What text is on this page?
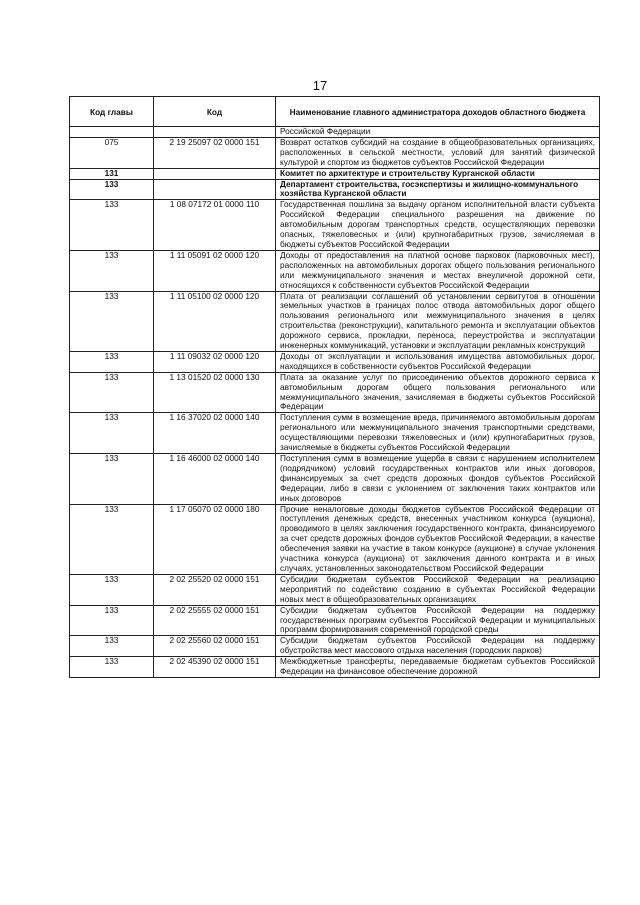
17
Код главы	Код	Наименование главного администратора доходов областного бюджета
		Российской Федерации
075	2 19 25097 02 0000 151	Возврат остатков субсидий на создание в общеобразовательных организациях, расположенных в сельской местности, условий для занятий физической культурой и спортом из бюджетов субъектов Российской Федерации
131		Комитет по архитектуре и строительству Курганской области
133		Департамент строительства, госэкспертизы и жилищно-коммунального хозяйства Курганской области
133	1 08 07172 01 0000 110	Государственная пошлина за выдачу органом исполнительной власти субъекта Российской Федерации специального разрешения на движение по автомобильным дорогам транспортных средств, осуществляющих перевозки опасных, тяжеловесных и (или) крупногабаритных грузов, зачисляемая в бюджеты субъектов Российской Федерации
133	1 11 05091 02 0000 120	Доходы от предоставления на платной основе парковок (парковочных мест), расположенных на автомобильных дорогах общего пользования регионального или межмуниципального значения и местах внеуличной дорожной сети, относящихся к собственности субъектов Российской Федерации
133	1 11 05100 02 0000 120	Плата от реализации соглашений об установлении сервитутов в отношении земельных участков в границах полос отвода автомобильных дорог общего пользования регионального или межмуниципального значения в целях строительства (реконструкции), капитального ремонта и эксплуатации объектов дорожного сервиса, прокладки, переноса, переустройства и эксплуатации инженерных коммуникаций, установки и эксплуатации рекламных конструкций
133	1 11 09032 02 0000 120	Доходы от эксплуатации и использования имущества автомобильных дорог, находящихся в собственности субъектов Российской Федерации
133	1 13 01520 02 0000 130	Плата за оказание услуг по присоединению объектов дорожного сервиса к автомобильным дорогам общего пользования регионального или межмуниципального значения, зачисляемая в бюджеты субъектов Российской Федерации
133	1 16 37020 02 0000 140	Поступления сумм в возмещение вреда, причиняемого автомобильным дорогам регионального или межмуниципального значения транспортными средствами, осуществляющими перевозки тяжеловесных и (или) крупногабаритных грузов, зачисляемые в бюджеты субъектов Российской Федерации
133	1 16 46000 02 0000 140	Поступления сумм в возмещение ущерба в связи с нарушением исполнителем (подрядчиком) условий государственных контрактов или иных договоров, финансируемых за счет средств дорожных фондов субъектов Российской Федерации, либо в связи с уклонением от заключения таких контрактов или иных договоров
133	1 17 05070 02 0000 180	Прочие неналоговые доходы бюджетов субъектов Российской Федерации от поступления денежных средств, внесенных участником конкурса (аукциона), проводимого в целях заключения государственного контракта, финансируемого за счет средств дорожных фондов субъектов Российской Федерации, в качестве обеспечения заявки на участие в таком конкурсе (аукционе) в случае уклонения участника конкурса (аукциона) от заключения данного контракта и в иных случаях, установленных законодательством Российской Федерации
133	2 02 25520 02 0000 151	Субсидии бюджетам субъектов Российской Федерации на реализацию мероприятий по содействию созданию в субъектах Российской Федерации новых мест в общеобразовательных организациях
133	2 02 25555 02 0000 151	Субсидии бюджетам субъектов Российской Федерации на поддержку государственных программ субъектов Российской Федерации и муниципальных программ формирования современной городской среды
133	2 02 25560 02 0000 151	Субсидии бюджетам субъектов Российской Федерации на поддержку обустройства мест массового отдыха населения (городских парков)
133	2 02 45390 02 0000 151	Межбюджетные трансферты, передаваемые бюджетам субъектов Российской Федерации на финансовое обеспечение дорожной
